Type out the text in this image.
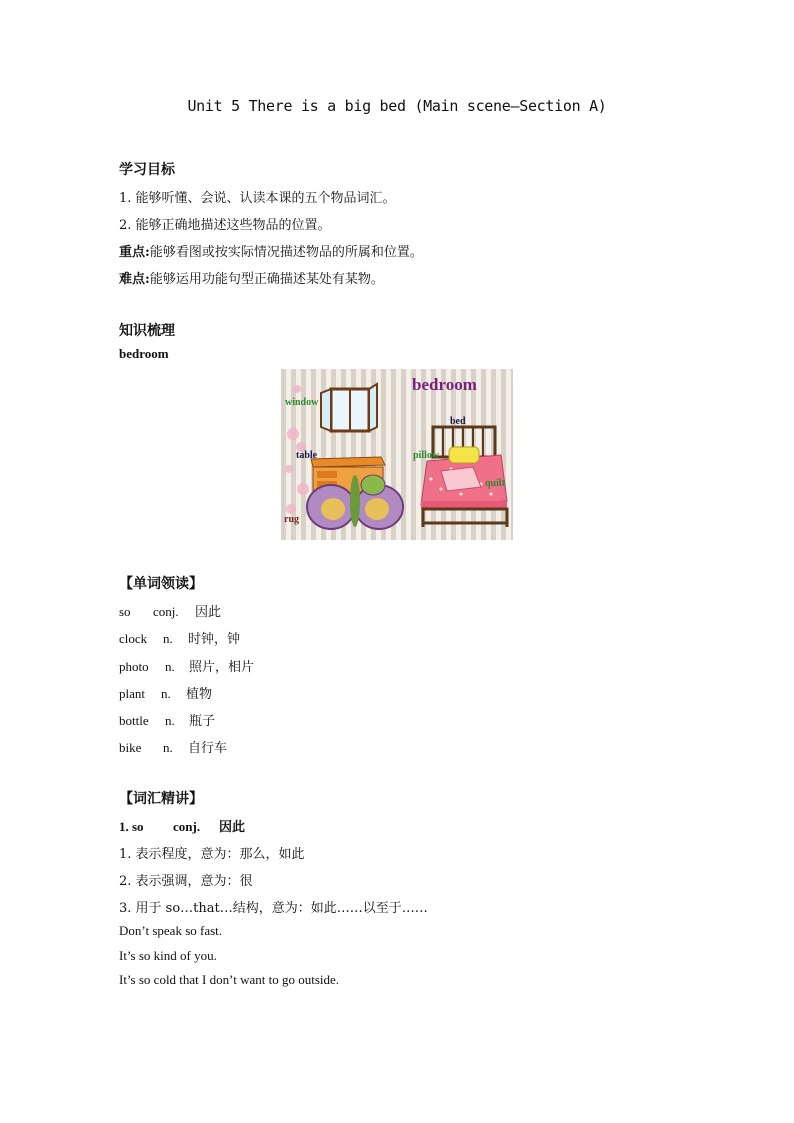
Unit 5 There is a big bed (Main scene—Section A)
学习目标
1. 能够听懂、会说、认读本课的五个物品词汇。
2. 能够正确地描述这些物品的位置。
重点:能够看图或按实际情况描述物品的所属和位置。
难点:能够运用功能句型正确描述某处有某物。
知识梳理
bedroom
bedroom
window
bed
table	pillow
quilt
rug
【单词领读】
so conj. 因此
clock n. 时钟，钟
photo n. 照片，相片
plant n. 植物
bottle n. 瓶子
bike n. 自行车
【词汇精讲】
1. so conj. 因此
1. 表示程度，意为：那么，如此
2. 表示强调，意为：很
3. 用于 so…that…结构，意为：如此……以至于……
Don’t speak so fast.
It’s so kind of you.
It’s so cold that I don’t want to go outside.
